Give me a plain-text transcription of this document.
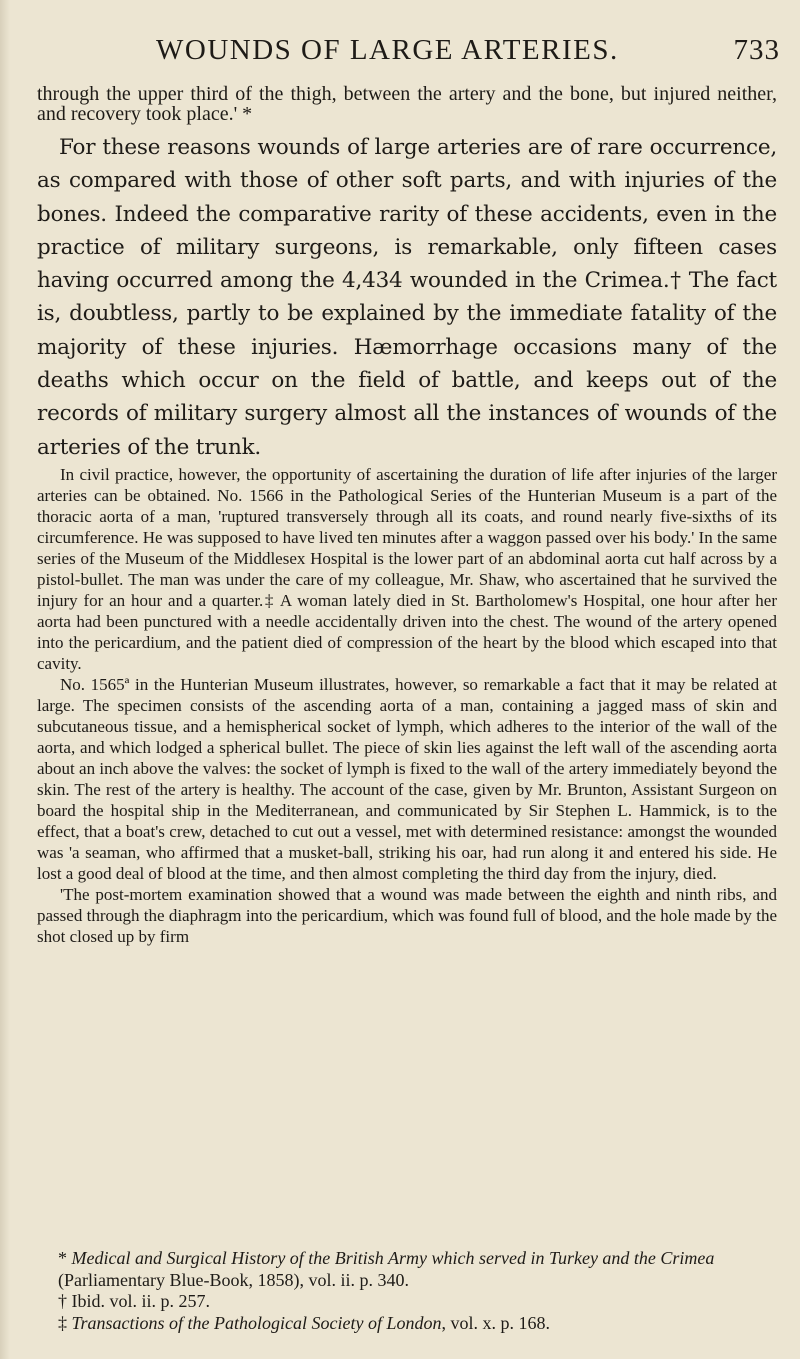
WOUNDS OF LARGE ARTERIES.	733

through the upper third of the thigh, between the artery and the bone, but injured neither, and recovery took place.' *

For these reasons wounds of large arteries are of rare occurrence, as compared with those of other soft parts, and with injuries of the bones. Indeed the comparative rarity of these accidents, even in the practice of military surgeons, is remarkable, only fifteen cases having occurred among the 4,434 wounded in the Crimea.† The fact is, doubtless, partly to be explained by the immediate fatality of the majority of these injuries. Hæmorrhage occasions many of the deaths which occur on the field of battle, and keeps out of the records of military surgery almost all the instances of wounds of the arteries of the trunk.

In civil practice, however, the opportunity of ascertaining the duration of life after injuries of the larger arteries can be obtained. No. 1566 in the Pathological Series of the Hunterian Museum is a part of the thoracic aorta of a man, 'ruptured transversely through all its coats, and round nearly five-sixths of its circumference. He was supposed to have lived ten minutes after a waggon passed over his body.' In the same series of the Museum of the Middlesex Hospital is the lower part of an abdominal aorta cut half across by a pistol-bullet. The man was under the care of my colleague, Mr. Shaw, who ascertained that he survived the injury for an hour and a quarter.‡ A woman lately died in St. Bartholomew's Hospital, one hour after her aorta had been punctured with a needle accidentally driven into the chest. The wound of the artery opened into the pericardium, and the patient died of compression of the heart by the blood which escaped into that cavity.

No. 1565ª in the Hunterian Museum illustrates, however, so remarkable a fact that it may be related at large. The specimen consists of the ascending aorta of a man, containing a jagged mass of skin and subcutaneous tissue, and a hemispherical socket of lymph, which adheres to the interior of the wall of the aorta, and which lodged a spherical bullet. The piece of skin lies against the left wall of the ascending aorta about an inch above the valves: the socket of lymph is fixed to the wall of the artery immediately beyond the skin. The rest of the artery is healthy. The account of the case, given by Mr. Brunton, Assistant Surgeon on board the hospital ship in the Mediterranean, and communicated by Sir Stephen L. Hammick, is to the effect, that a boat's crew, detached to cut out a vessel, met with determined resistance: amongst the wounded was 'a seaman, who affirmed that a musket-ball, striking his oar, had run along it and entered his side. He lost a good deal of blood at the time, and then almost completing the third day from the injury, died.

'The post-mortem examination showed that a wound was made between the eighth and ninth ribs, and passed through the diaphragm into the pericardium, which was found full of blood, and the hole made by the shot closed up by firm

* Medical and Surgical History of the British Army which served in Turkey and the Crimea (Parliamentary Blue-Book, 1858), vol. ii. p. 340.

† Ibid. vol. ii. p. 257.

‡ Transactions of the Pathological Society of London, vol. x. p. 168.
